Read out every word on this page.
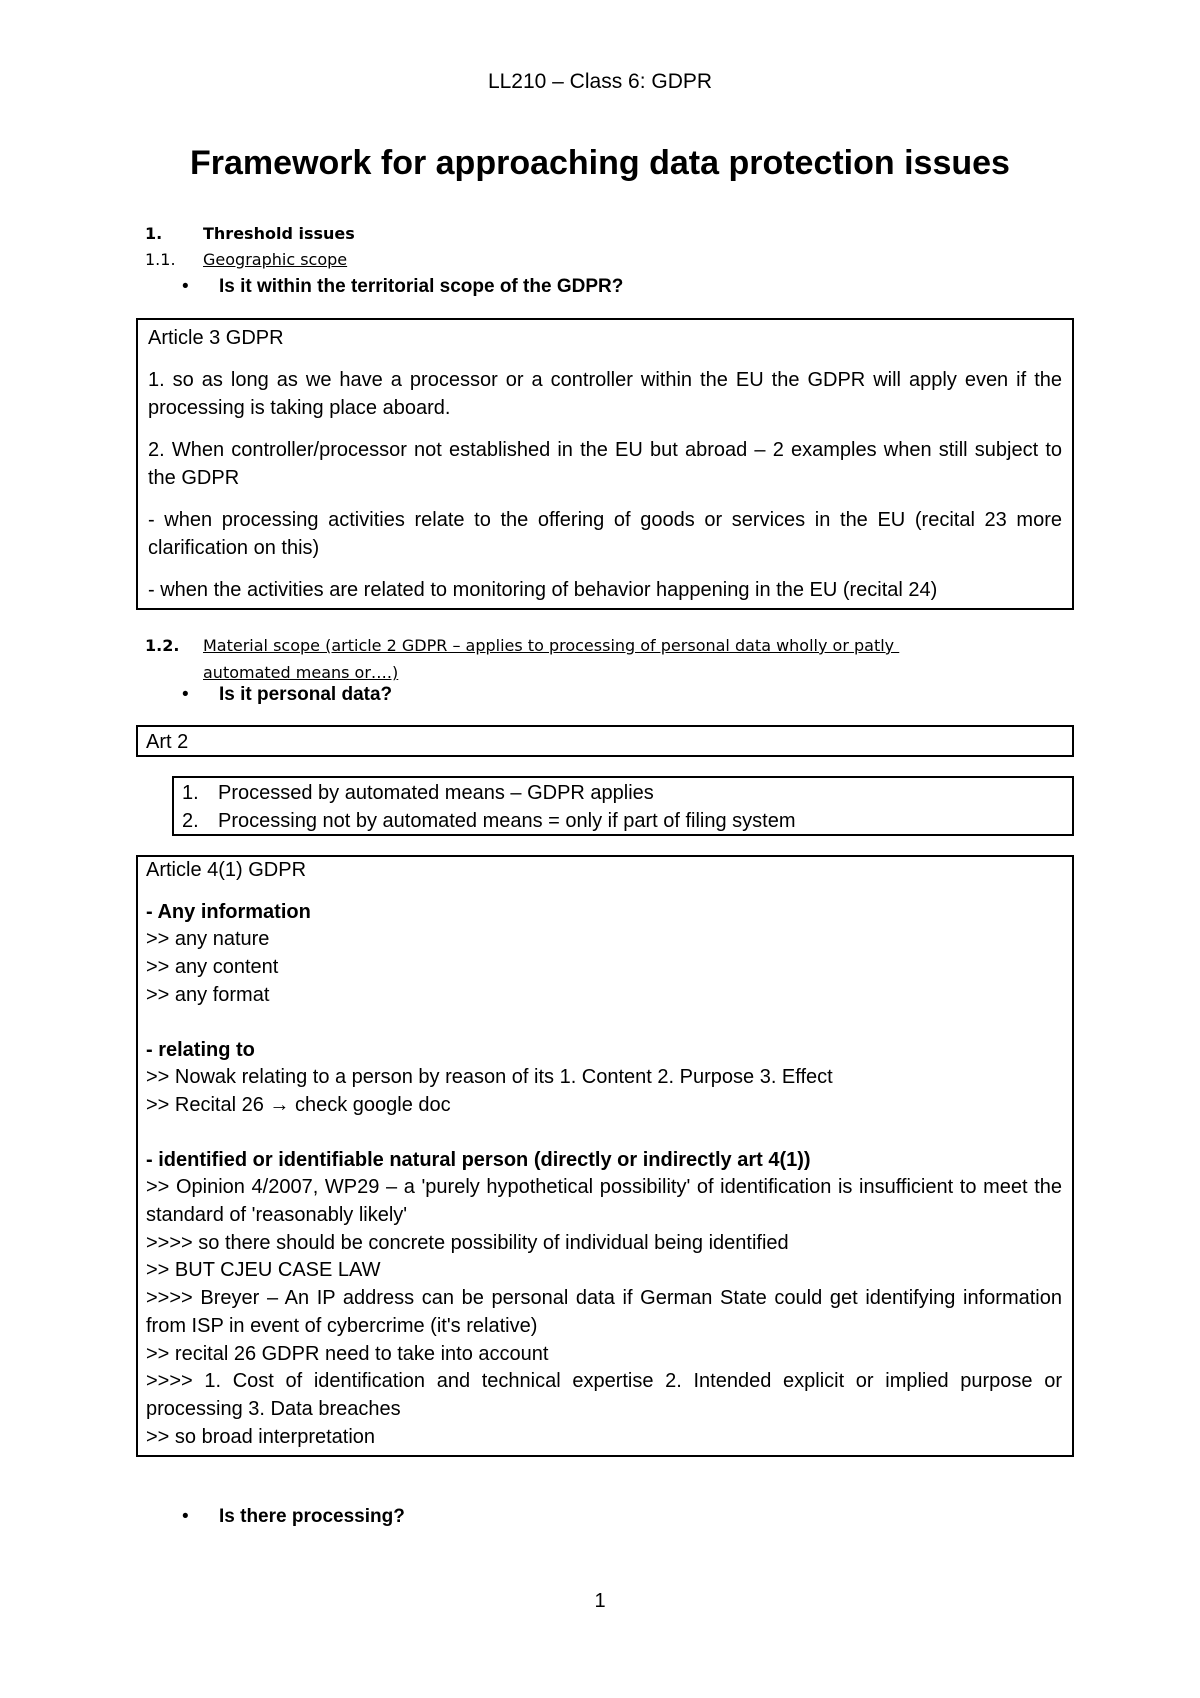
LL210 – Class 6: GDPR
Framework for approaching data protection issues
1.	Threshold issues
1.1. Geographic scope
• Is it within the territorial scope of the GDPR?

Article 3 GDPR

1. so as long as we have a processor or a controller within the EU the GDPR will apply even if the processing is taking place aboard.

2. When controller/processor not established in the EU but abroad – 2 examples when still subject to the GDPR

- when processing activities relate to the offering of goods or services in the EU (recital 23 more clarification on this)

- when the activities are related to monitoring of behavior happening in the EU (recital 24)

1.2. Material scope (article 2 GDPR – applies to processing of personal data wholly or patly
automated means or….)
• Is it personal data?

Art 2

1. Processed by automated means – GDPR applies
2. Processing not by automated means = only if part of filing system

Article 4(1) GDPR

- Any information

>> any nature

>> any content

>> any format

- relating to

>> Nowak relating to a person by reason of its 1. Content 2. Purpose 3. Effect

>> Recital 26 → check google doc

- identified or identifiable natural person (directly or indirectly art 4(1))

>> Opinion 4/2007, WP29 – a 'purely hypothetical possibility' of identification is insufficient to meet the standard of 'reasonably likely'

>>>> so there should be concrete possibility of individual being identified

>> BUT CJEU CASE LAW

>>>> Breyer – An IP address can be personal data if German State could get identifying information from ISP in event of cybercrime (it's relative)

>> recital 26 GDPR need to take into account

>>>> 1. Cost of identification and technical expertise 2. Intended explicit or implied purpose or processing 3. Data breaches

>> so broad interpretation

• Is there processing?
1
